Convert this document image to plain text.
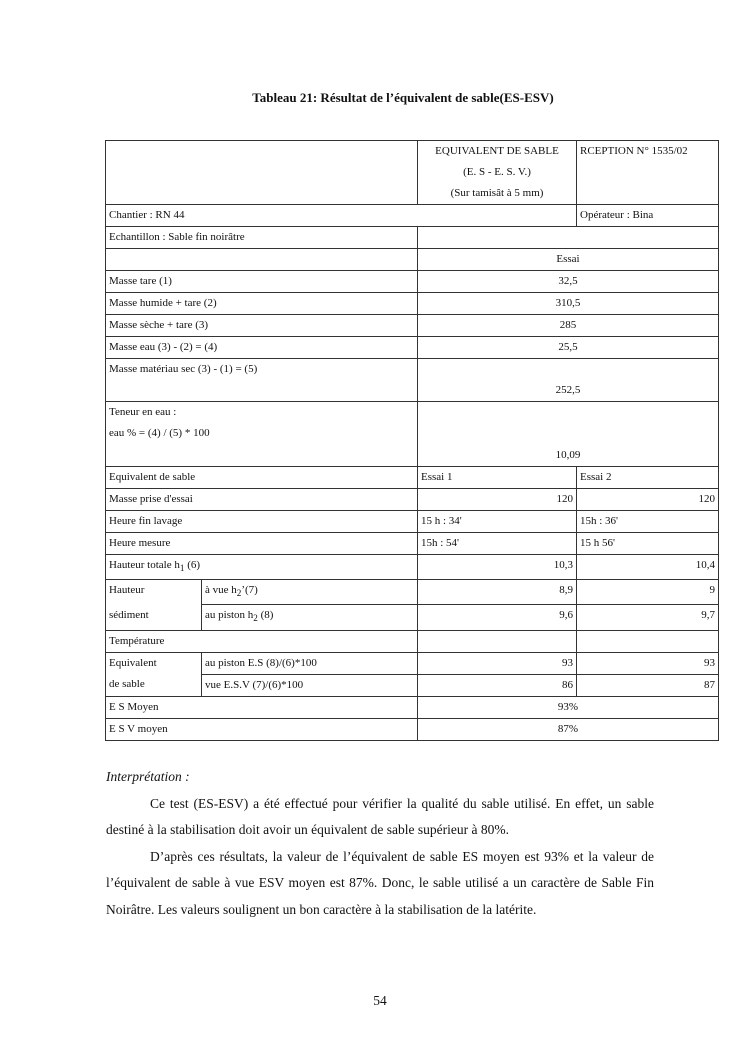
Tableau 21: Résultat de l’équivalent de sable(ES-ESV)

		EQUIVALENT DE SABLE
(E. S - E. S. V.)
(Sur tamisât à 5 mm)	RCEPTION N° 1535/02
Chantier : RN 44			Opérateur : Bina
Echantillon : Sable fin noirâtre			
		Essai	
Masse tare (1)		32,5	
Masse humide + tare (2)		310,5	
Masse sèche + tare (3)		285	
Masse eau (3) - (2) = (4)		25,5	
Masse matériau sec (3) - (1) = (5)		252,5	

Teneur en eau :
eau % = (4) / (5) * 100		10,09	
Equivalent de sable		Essai 1	Essai 2
Masse prise d'essai		120	120
Heure fin lavage		15 h : 34'	15h : 36'
Heure mesure		15h : 54'	15 h 56'
Hauteur totale $h_1$ (6)		10,3	10,4
Hauteur	à vue $h_2’(7)$	8,9	9
sédiment	au piston $h_2$ (8)	9,6	9,7
Température			
Equivalent	au piston E.S (8)/(6)*100	93	93
de sable	vue E.S.V (7)/(6)*100	86	87
E S Moyen		93%	
E S V moyen		87%	

Interprétation :

Ce test (ES-ESV) a été effectué pour vérifier la qualité du sable utilisé. En effet, un sable destiné à la stabilisation doit avoir un équivalent de sable supérieur à 80%.

D’après ces résultats, la valeur de l’équivalent de sable ES moyen est 93% et la valeur de l’équivalent de sable à vue ESV moyen est 87%. Donc, le sable utilisé a un caractère de Sable Fin Noirâtre. Les valeurs soulignent un bon caractère à la stabilisation de la latérite.

54
